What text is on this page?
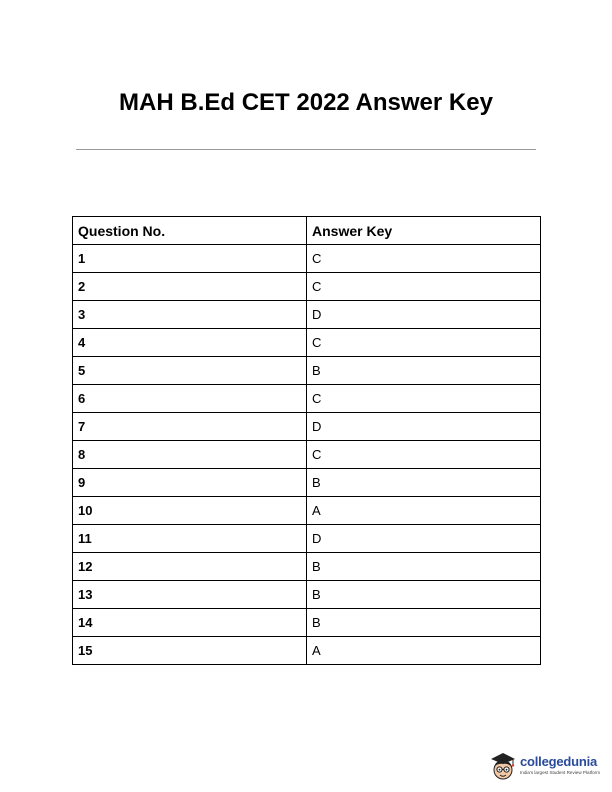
MAH B.Ed CET 2022 Answer Key
Question No.	Answer Key
1	C
2	C
3	D
4	C
5	B
6	C
7	D
8	C
9	B
10	A
11	D
12	B
13	B
14	B
15	A
collegedunia
India's largest Student Review Platform
